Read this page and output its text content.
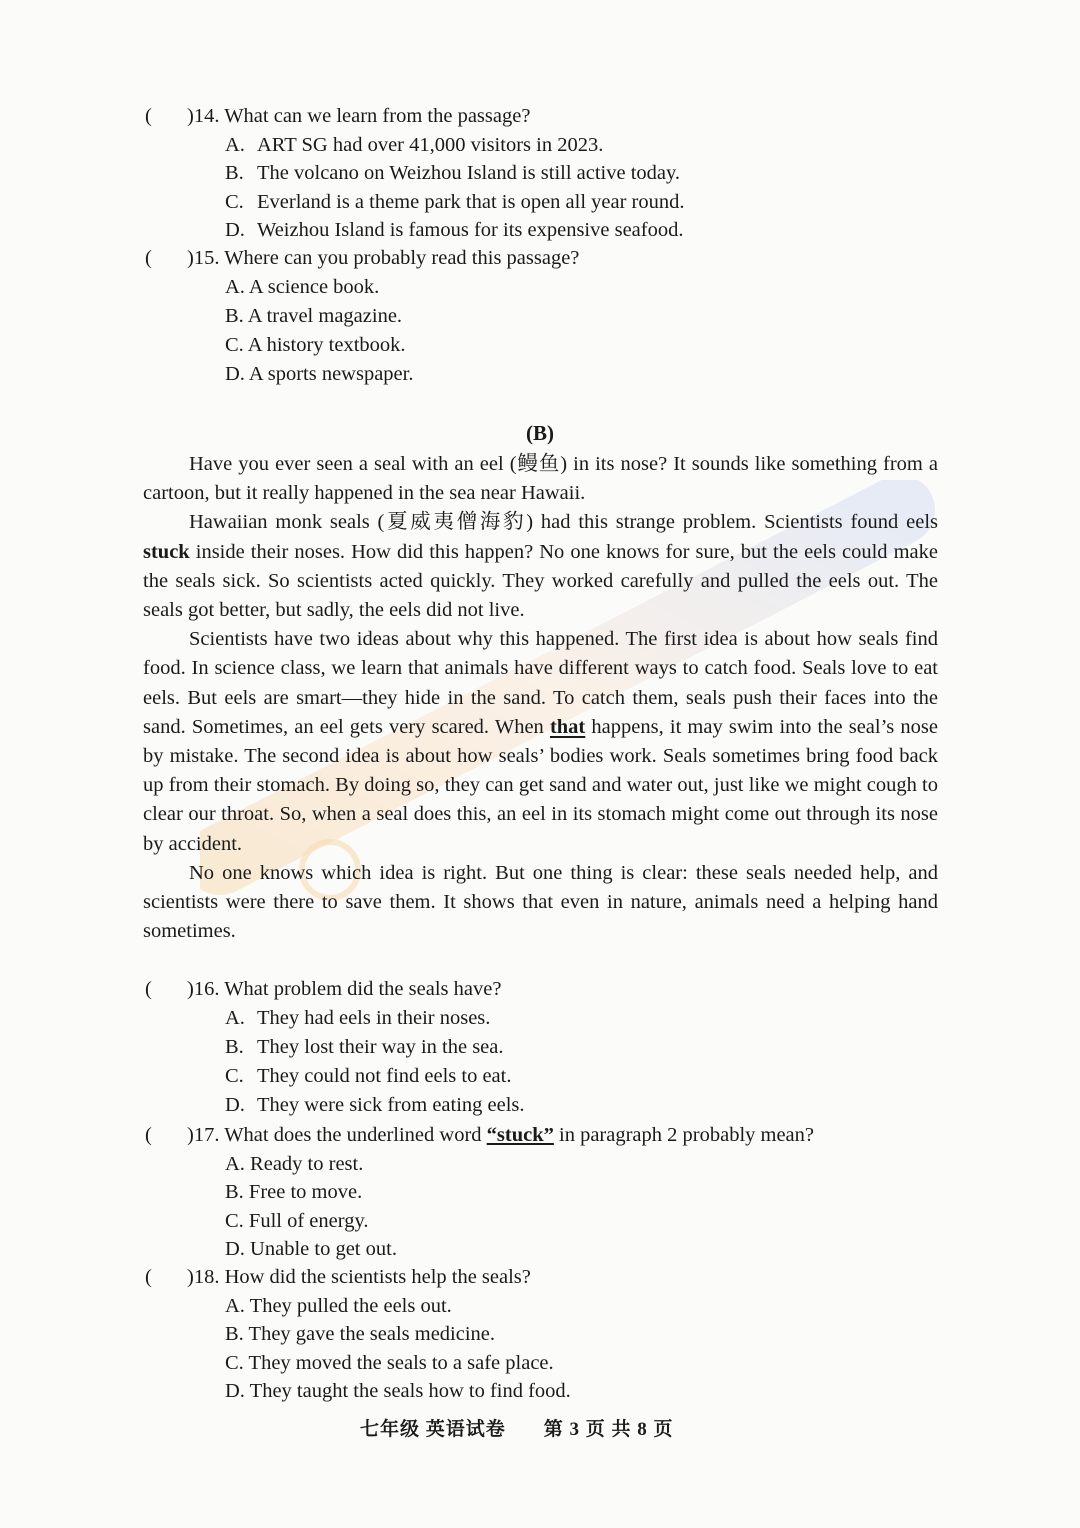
( )14. What can we learn from the passage?
A. ART SG had over 41,000 visitors in 2023.
B. The volcano on Weizhou Island is still active today.
C. Everland is a theme park that is open all year round.
D. Weizhou Island is famous for its expensive seafood.
( )15. Where can you probably read this passage?
A. A science book.
B. A travel magazine.
C. A history textbook.
D. A sports newspaper.
(B)

Have you ever seen a seal with an eel (鳗鱼) in its nose? It sounds like something from a cartoon, but it really happened in the sea near Hawaii.

Hawaiian monk seals (夏威夷僧海豹) had this strange problem. Scientists found eels stuck inside their noses. How did this happen? No one knows for sure, but the eels could make the seals sick. So scientists acted quickly. They worked carefully and pulled the eels out. The seals got better, but sadly, the eels did not live.

Scientists have two ideas about why this happened. The first idea is about how seals find food. In science class, we learn that animals have different ways to catch food. Seals love to eat eels. But eels are smart—they hide in the sand. To catch them, seals push their faces into the sand. Sometimes, an eel gets very scared. When that happens, it may swim into the seal’s nose by mistake. The second idea is about how seals’ bodies work. Seals sometimes bring food back up from their stomach. By doing so, they can get sand and water out, just like we might cough to clear our throat. So, when a seal does this, an eel in its stomach might come out through its nose by accident.

No one knows which idea is right. But one thing is clear: these seals needed help, and scientists were there to save them. It shows that even in nature, animals need a helping hand sometimes.

( )16. What problem did the seals have?
A. They had eels in their noses.
B. They lost their way in the sea.
C. They could not find eels to eat.
D. They were sick from eating eels.
( )17. What does the underlined word “stuck” in paragraph 2 probably mean?
A. Ready to rest.
B. Free to move.
C. Full of energy.
D. Unable to get out.
( )18. How did the scientists help the seals?
A. They pulled the eels out.
B. They gave the seals medicine.
C. They moved the seals to a safe place.
D. They taught the seals how to find food.
七年级 英语试卷 第 3 页 共 8 页
